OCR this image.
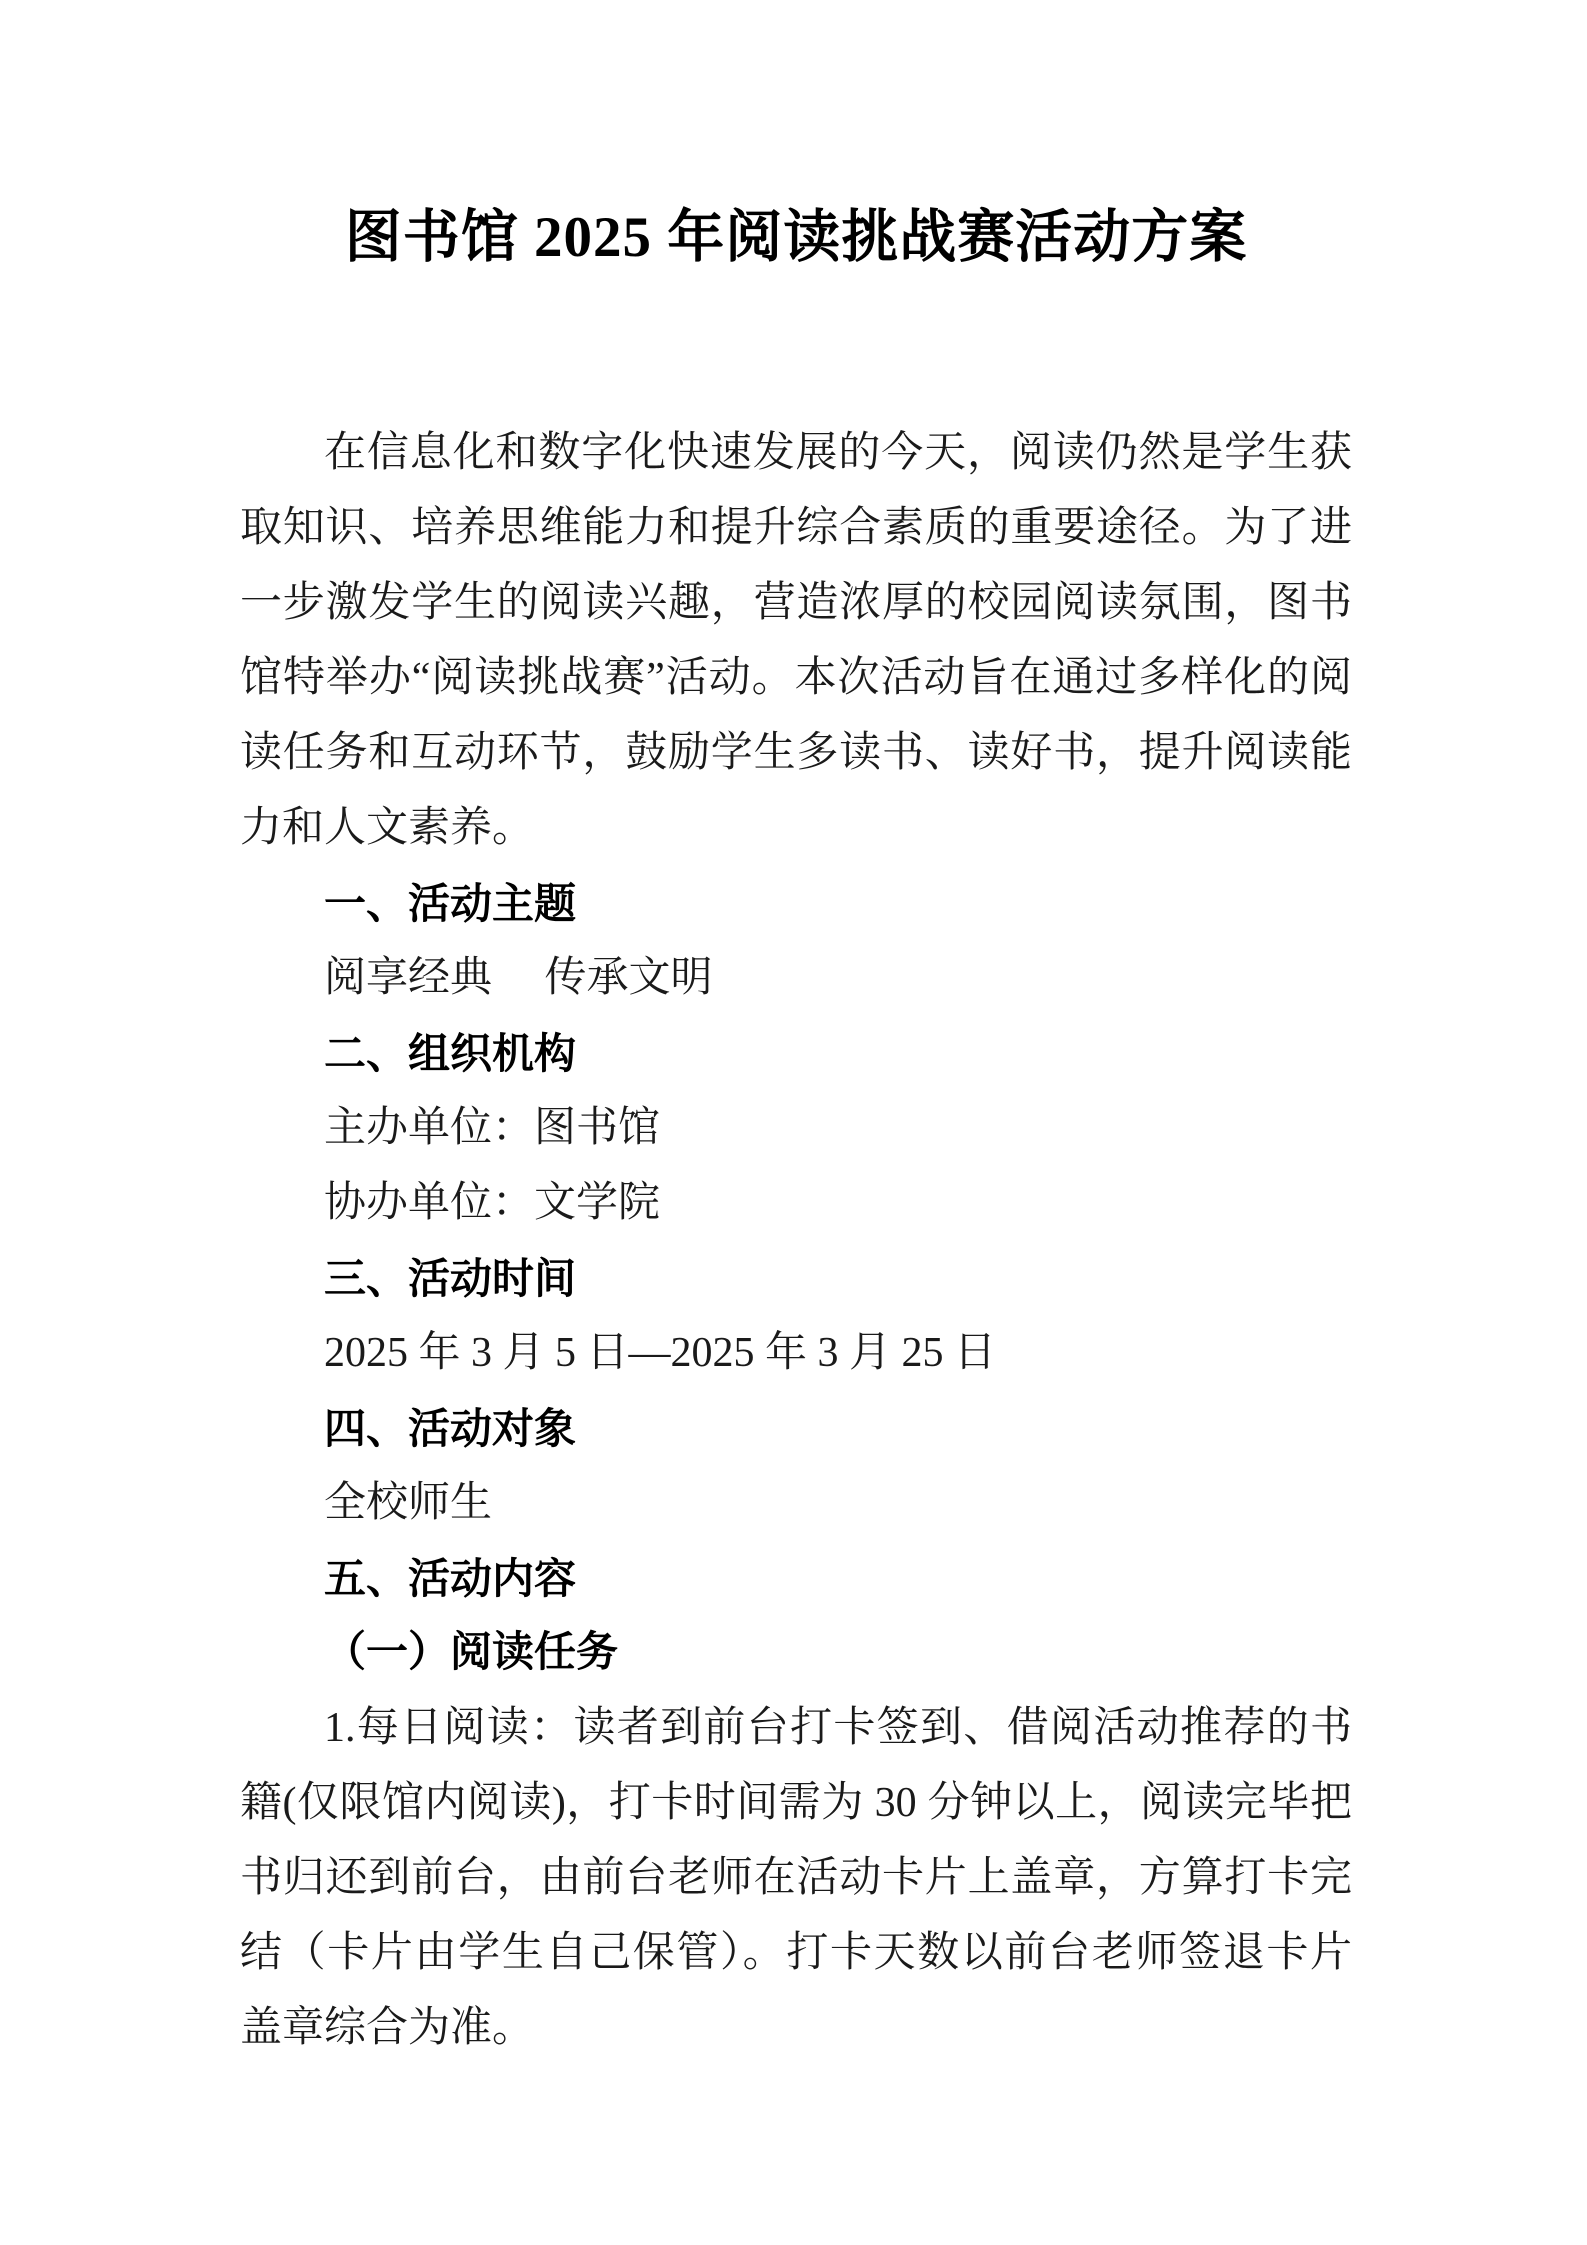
图书馆 2025 年阅读挑战赛活动方案

在信息化和数字化快速发展的今天，阅读仍然是学生获取知识、培养思维能力和提升综合素质的重要途径。为了进一步激发学生的阅读兴趣，营造浓厚的校园阅读氛围，图书馆特举办“阅读挑战赛”活动。本次活动旨在通过多样化的阅读任务和互动环节，鼓励学生多读书、读好书，提升阅读能力和人文素养。

一、活动主题

阅享经典　 传承文明

二、组织机构

主办单位：图书馆

协办单位：文学院

三、活动时间

2025 年 3 月 5 日—2025 年 3 月 25 日

四、活动对象

全校师生

五、活动内容

（一）阅读任务

1.每日阅读：读者到前台打卡签到、借阅活动推荐的书籍(仅限馆内阅读)，打卡时间需为 30 分钟以上，阅读完毕把书归还到前台，由前台老师在活动卡片上盖章，方算打卡完结（卡片由学生自己保管）。打卡天数以前台老师签退卡片盖章综合为准。
